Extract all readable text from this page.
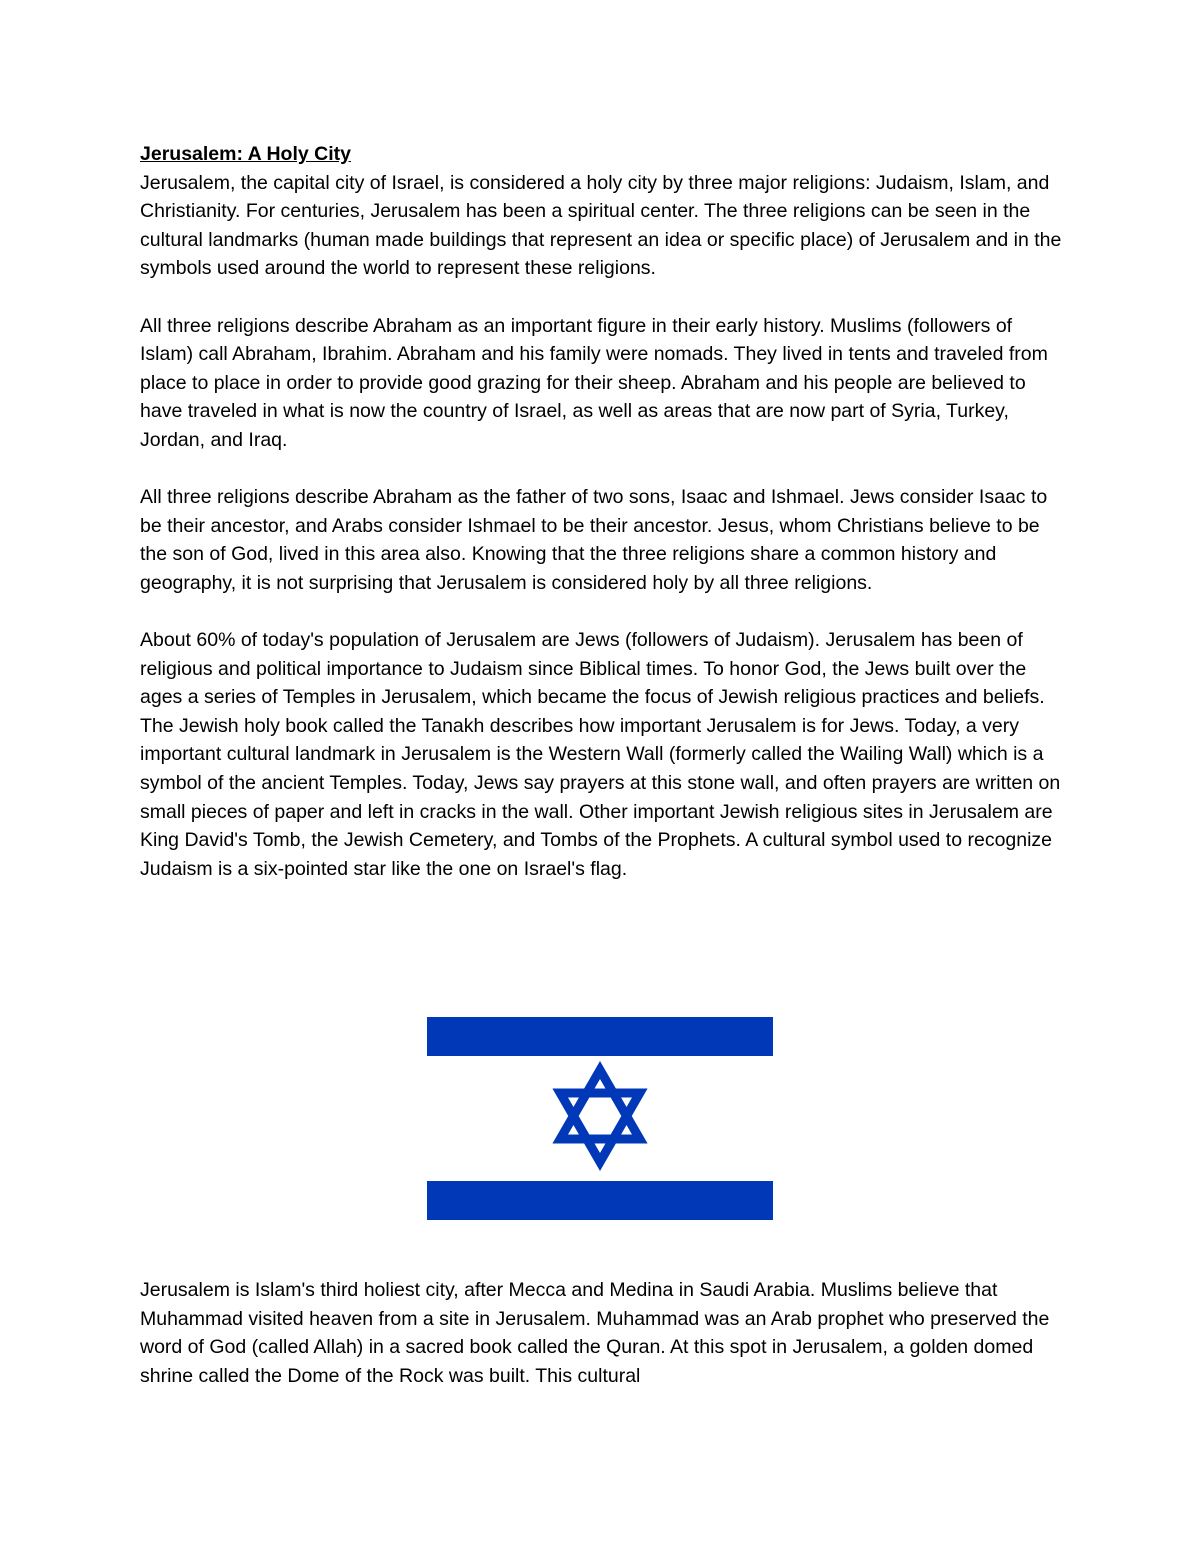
Jerusalem: A Holy City

Jerusalem, the capital city of Israel, is considered a holy city by three major religions: Judaism, Islam, and Christianity. For centuries, Jerusalem has been a spiritual center. The three religions can be seen in the cultural landmarks (human made buildings that represent an idea or specific place) of Jerusalem and in the symbols used around the world to represent these religions.

All three religions describe Abraham as an important figure in their early history. Muslims (followers of Islam) call Abraham, Ibrahim. Abraham and his family were nomads. They lived in tents and traveled from place to place in order to provide good grazing for their sheep. Abraham and his people are believed to have traveled in what is now the country of Israel, as well as areas that are now part of Syria, Turkey, Jordan, and Iraq.

All three religions describe Abraham as the father of two sons, Isaac and Ishmael. Jews consider Isaac to be their ancestor, and Arabs consider Ishmael to be their ancestor. Jesus, whom Christians believe to be the son of God, lived in this area also. Knowing that the three religions share a common history and geography, it is not surprising that Jerusalem is considered holy by all three religions.

About 60% of today's population of Jerusalem are Jews (followers of Judaism). Jerusalem has been of religious and political importance to Judaism since Biblical times. To honor God, the Jews built over the ages a series of Temples in Jerusalem, which became the focus of Jewish religious practices and beliefs. The Jewish holy book called the Tanakh describes how important Jerusalem is for Jews. Today, a very important cultural landmark in Jerusalem is the Western Wall (formerly called the Wailing Wall) which is a symbol of the ancient Temples. Today, Jews say prayers at this stone wall, and often prayers are written on small pieces of paper and left in cracks in the wall. Other important Jewish religious sites in Jerusalem are King David's Tomb, the Jewish Cemetery, and Tombs of the Prophets. A cultural symbol used to recognize Judaism is a six-pointed star like the one on Israel's flag.

Jerusalem is Islam's third holiest city, after Mecca and Medina in Saudi Arabia. Muslims believe that Muhammad visited heaven from a site in Jerusalem. Muhammad was an Arab prophet who preserved the word of God (called Allah) in a sacred book called the Quran. At this spot in Jerusalem, a golden domed shrine called the Dome of the Rock was built. This cultural
